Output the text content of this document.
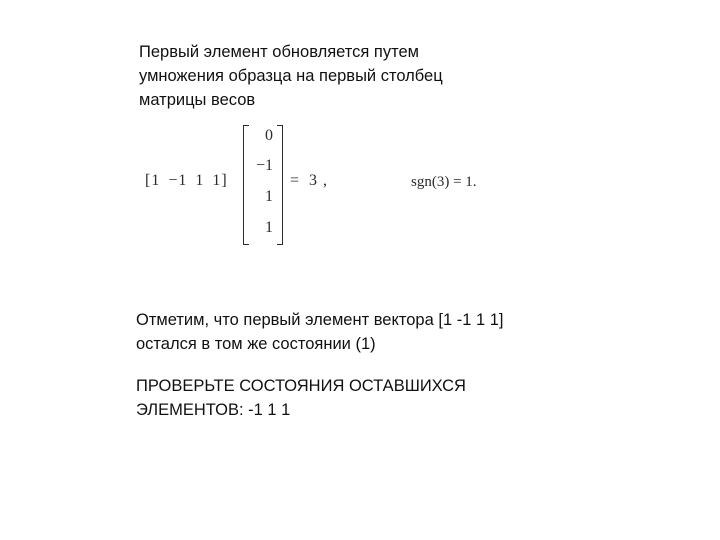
Первый элемент обновляется путем
умножения образца на первый столбец
матрицы весов
[1 −1 1 1]
0
−1
1
1
= 3 ,	sgn(3) = 1.
Отметим, что первый элемент вектора [1 -1 1 1]
остался в том же состоянии (1)
ПРОВЕРЬТЕ СОСТОЯНИЯ ОСТАВШИХСЯ
ЭЛЕМЕНТОВ: -1 1 1
